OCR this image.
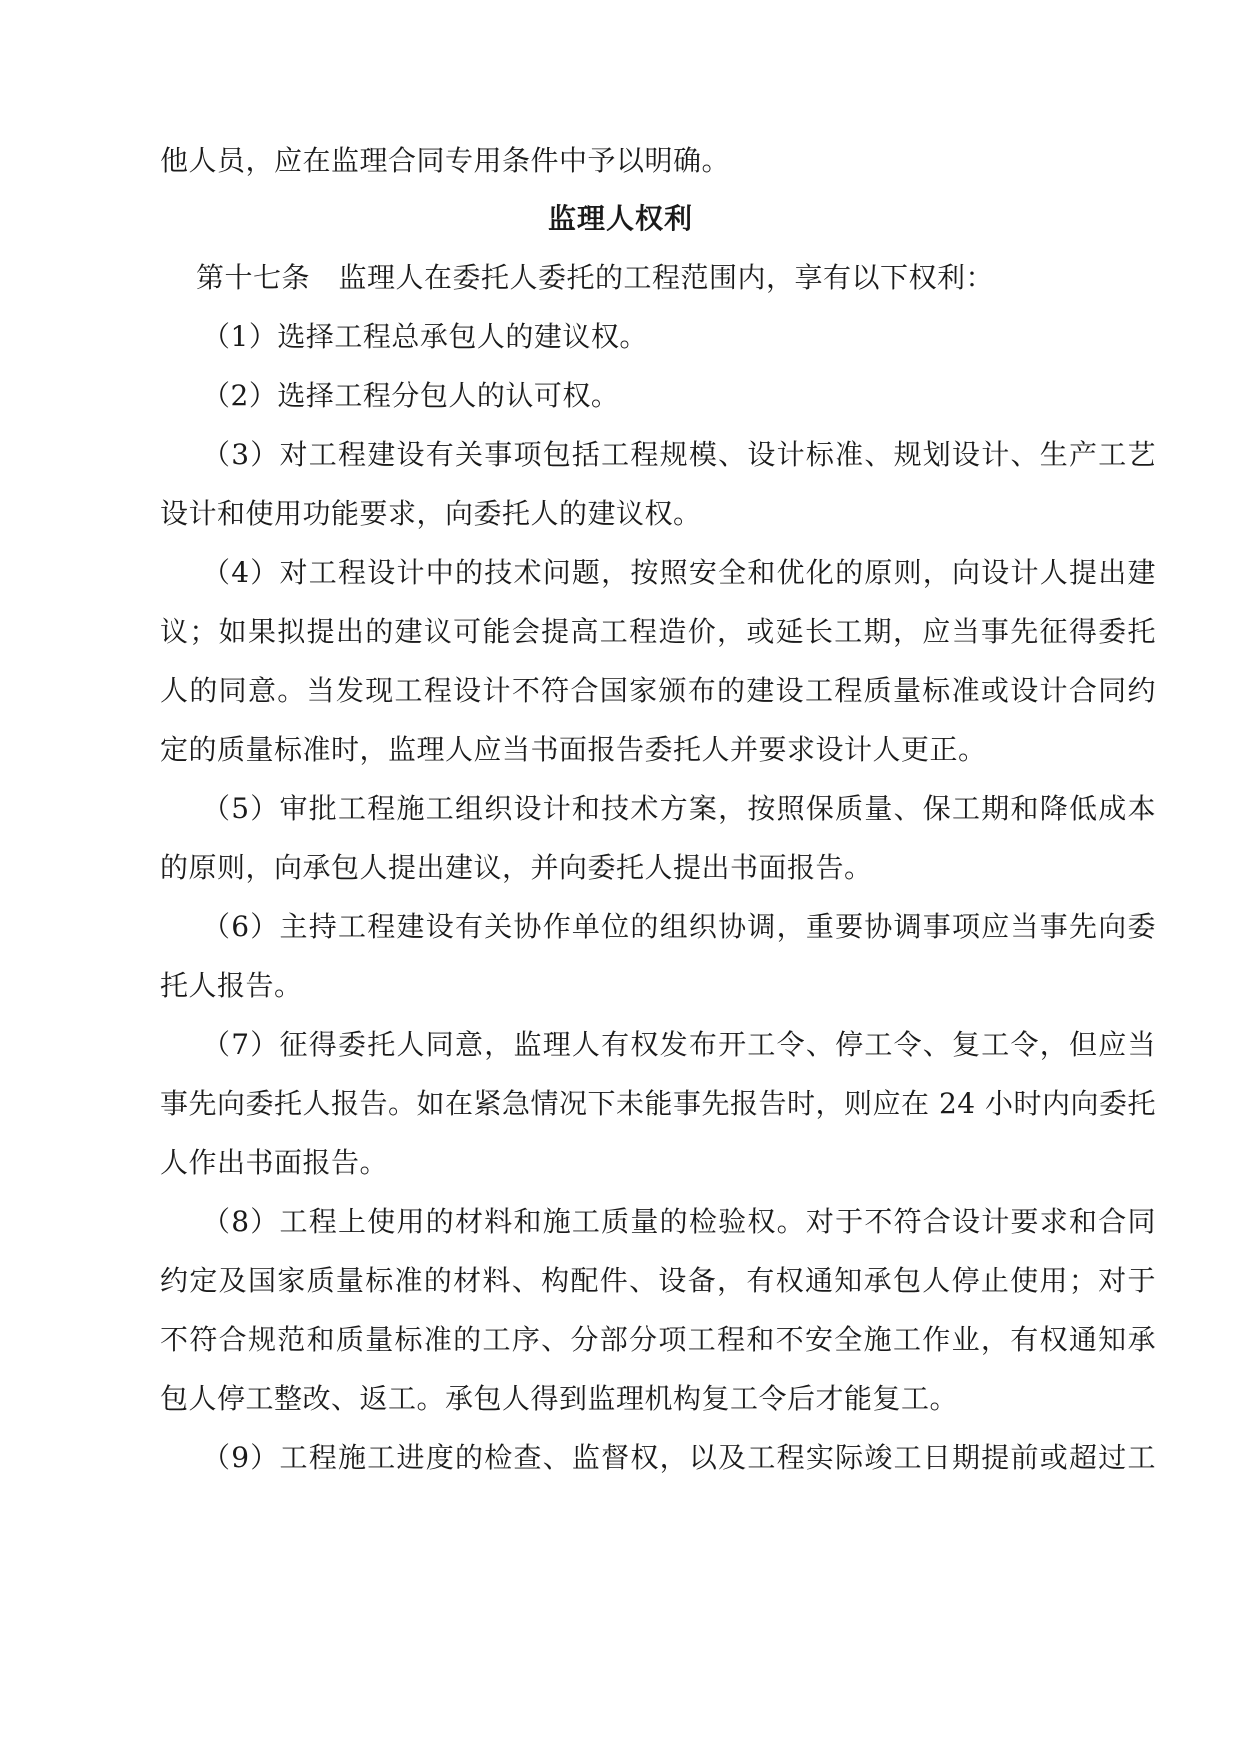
他人员，应在监理合同专用条件中予以明确。
监理人权利
第十七条　监理人在委托人委托的工程范围内，享有以下权利：
（1）选择工程总承包人的建议权。
（2）选择工程分包人的认可权。
（3）对工程建设有关事项包括工程规模、设计标准、规划设计、生产工艺
设计和使用功能要求，向委托人的建议权。
（4）对工程设计中的技术问题，按照安全和优化的原则，向设计人提出建
议；如果拟提出的建议可能会提高工程造价，或延长工期，应当事先征得委托
人的同意。当发现工程设计不符合国家颁布的建设工程质量标准或设计合同约
定的质量标准时，监理人应当书面报告委托人并要求设计人更正。
（5）审批工程施工组织设计和技术方案，按照保质量、保工期和降低成本
的原则，向承包人提出建议，并向委托人提出书面报告。
（6）主持工程建设有关协作单位的组织协调，重要协调事项应当事先向委
托人报告。
（7）征得委托人同意，监理人有权发布开工令、停工令、复工令，但应当
事先向委托人报告。如在紧急情况下未能事先报告时，则应在 24 小时内向委托
人作出书面报告。
（8）工程上使用的材料和施工质量的检验权。对于不符合设计要求和合同
约定及国家质量标准的材料、构配件、设备，有权通知承包人停止使用；对于
不符合规范和质量标准的工序、分部分项工程和不安全施工作业，有权通知承
包人停工整改、返工。承包人得到监理机构复工令后才能复工。
（9）工程施工进度的检查、监督权，以及工程实际竣工日期提前或超过工
